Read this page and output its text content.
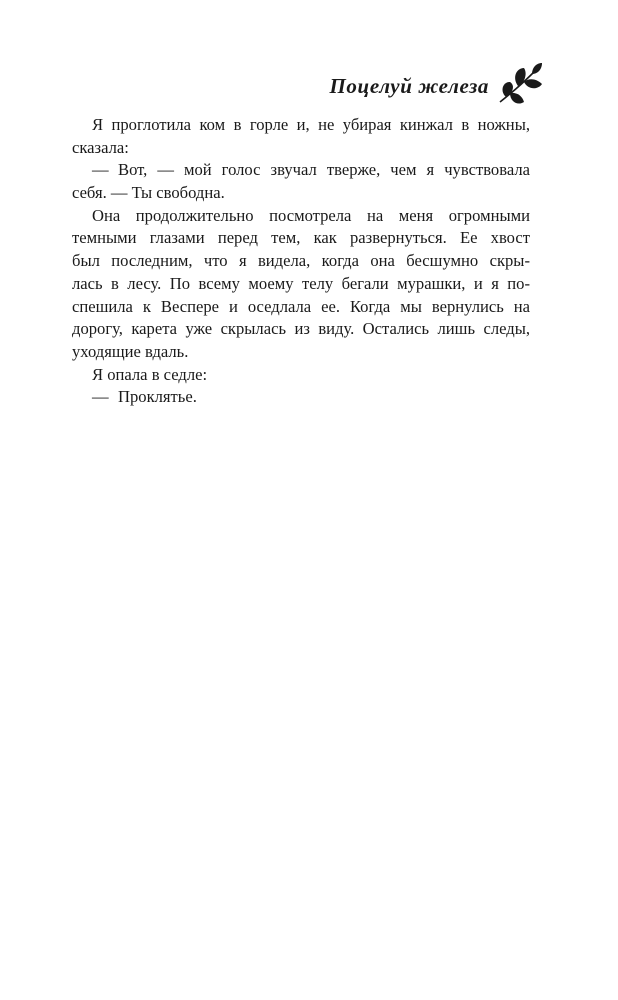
Поцелуй железа
Я проглотила ком в горле и, не убирая кинжал в ножны,
сказала:
— Вот, — мой голос звучал тверже, чем я чувствовала
себя. — Ты свободна.
Она продолжительно посмотрела на меня огромными
темными глазами перед тем, как развернуться. Ее хвост
был последним, что я видела, когда она бесшумно скры-
лась в лесу. По всему моему телу бегали мурашки, и я по-
спешила к Веспере и оседлала ее. Когда мы вернулись на
дорогу, карета уже скрылась из виду. Остались лишь следы,
уходящие вдаль.
Я опала в седле:
— Проклятье.
